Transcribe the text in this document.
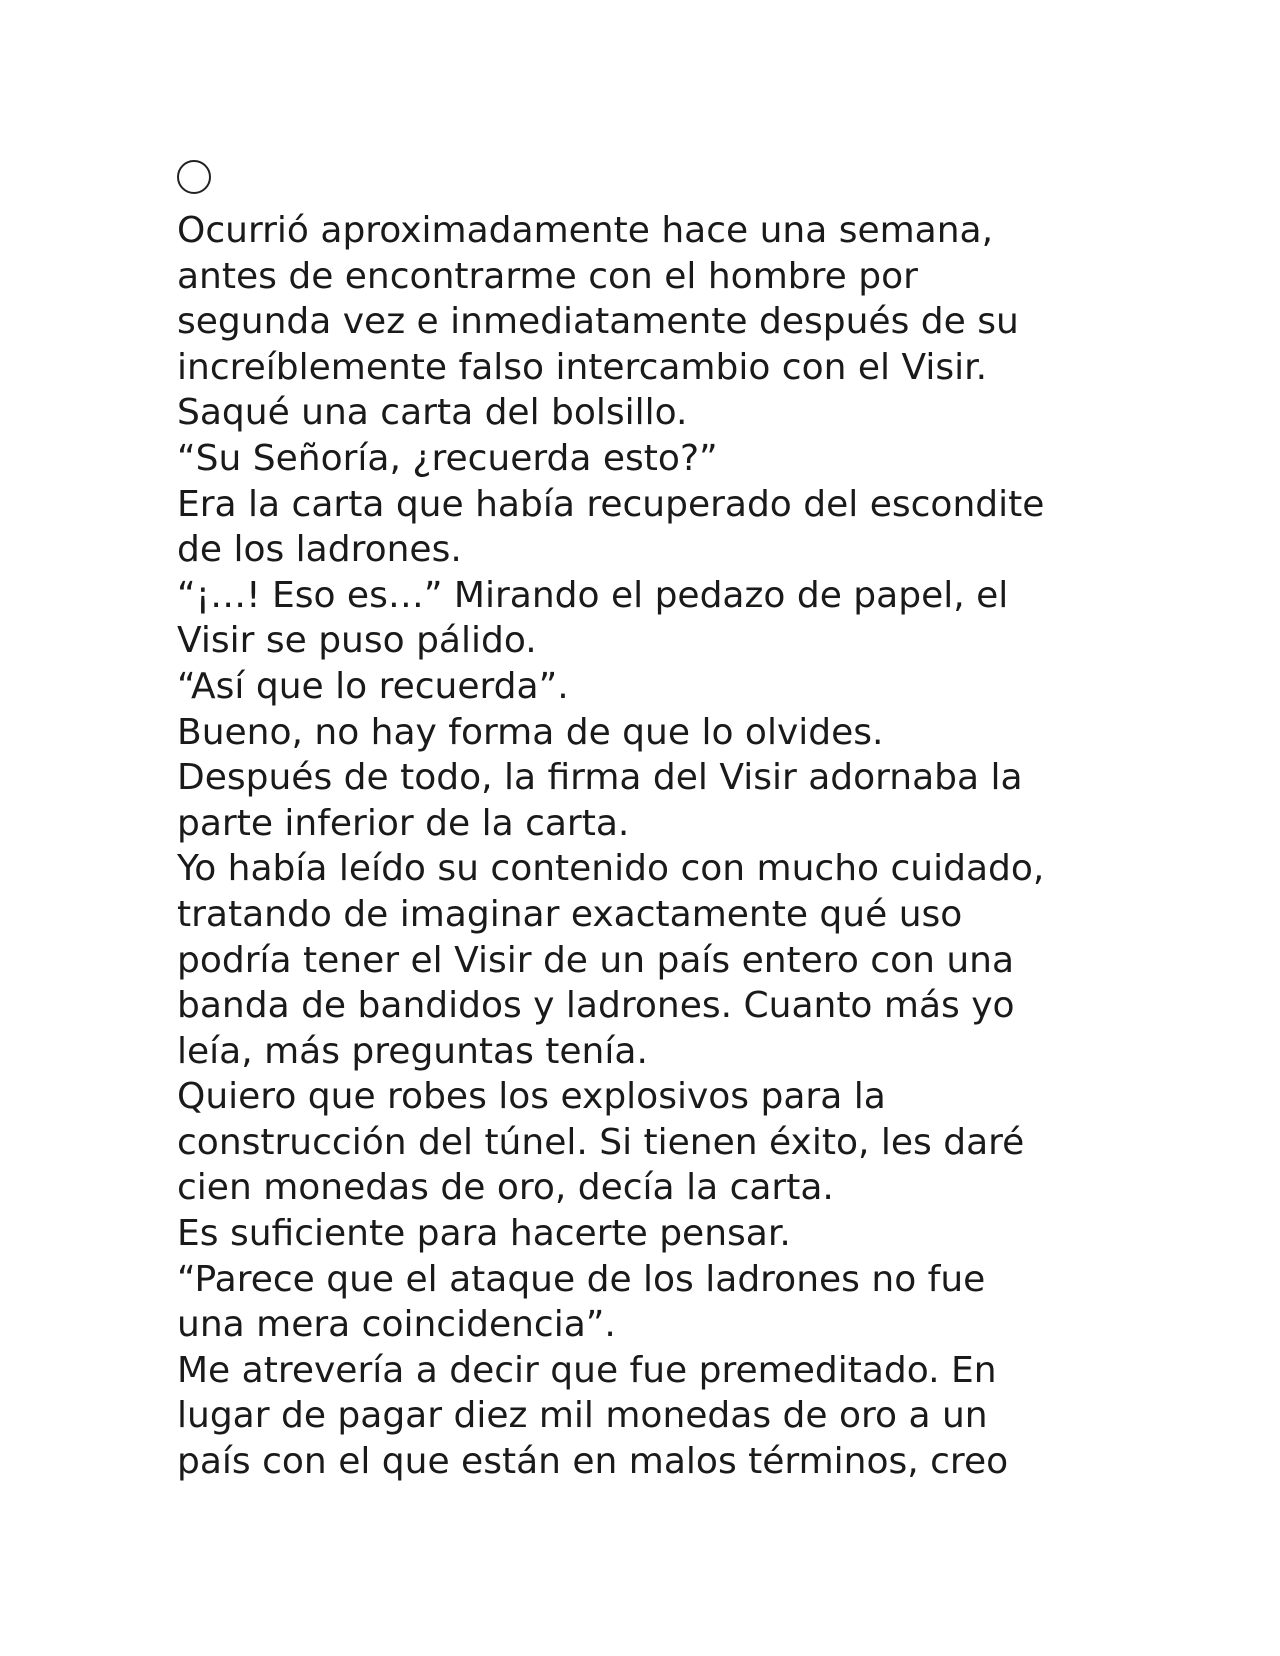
Ocurrió aproximadamente hace una semana,
antes de encontrarme con el hombre por
segunda vez e inmediatamente después de su
increíblemente falso intercambio con el Visir.
Saqué una carta del bolsillo.
“Su Señoría, ¿recuerda esto?”
Era la carta que había recuperado del escondite
de los ladrones.
“¡…! Eso es…” Mirando el pedazo de papel, el
Visir se puso pálido.
“Así que lo recuerda”.
Bueno, no hay forma de que lo olvides.
Después de todo, la firma del Visir adornaba la
parte inferior de la carta.
Yo había leído su contenido con mucho cuidado,
tratando de imaginar exactamente qué uso
podría tener el Visir de un país entero con una
banda de bandidos y ladrones. Cuanto más yo
leía, más preguntas tenía.
Quiero que robes los explosivos para la
construcción del túnel. Si tienen éxito, les daré
cien monedas de oro, decía la carta.
Es suficiente para hacerte pensar.
“Parece que el ataque de los ladrones no fue
una mera coincidencia”.
Me atrevería a decir que fue premeditado. En
lugar de pagar diez mil monedas de oro a un
país con el que están en malos términos, creo
